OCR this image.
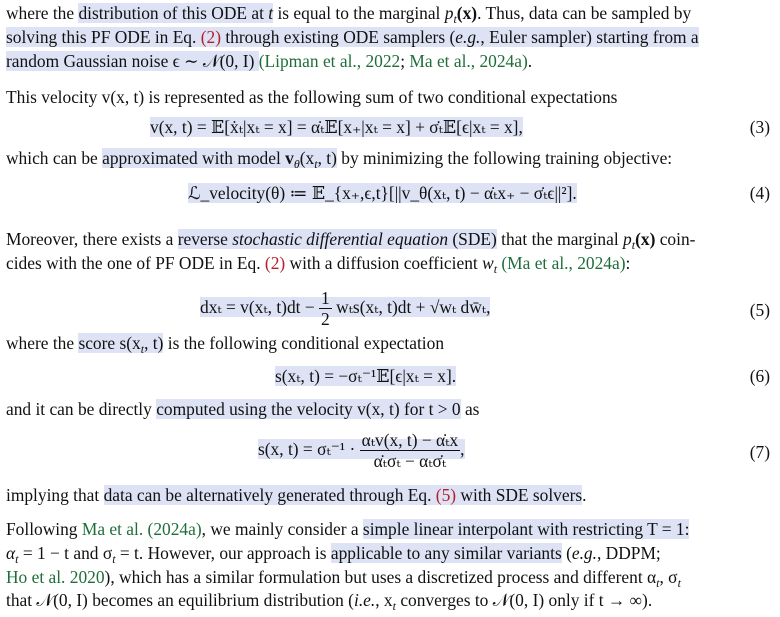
where the distribution of this ODE at t is equal to the marginal $p_t(x)$. Thus, data can be sampled by
solving this PF ODE in Eq. (2) through existing ODE samplers (e.g., Euler sampler) starting from a
random Gaussian noise ϵ ∼ 𝒩(0, I) (Lipman et al., 2022; Ma et al., 2024a).
This velocity v(x, t) is represented as the following sum of two conditional expectations
v(x, t) = 𝔼[ẋₜ|xₜ = x] = α̇ₜ𝔼[x₊|xₜ = x] + σ̇ₜ𝔼[ϵ|xₜ = x],	(3)
which can be approximated with model $v_\theta(x_t$, t) by minimizing the following training objective:
ℒ_velocity(θ) ≔ 𝔼_{x₊,ϵ,t}[||v_θ(xₜ, t) − α̇ₜx₊ − σ̇ₜϵ||²].	(4)
Moreover, there exists a reverse stochastic differential equation (SDE) that the marginal $p_t(x)$ coin-
cides with the one of PF ODE in Eq. (2) with a diffusion coefficient $w_t$ (Ma et al., 2024a):
dxₜ = v(xₜ, $t)dt - \frac{1}{2} w_ts(x_t$, t)dt + √wₜ dw̄ₜ,	(5)
where the score $s(x_t$, t) is the following conditional expectation
s(xₜ, t) = −σₜ⁻¹𝔼[ϵ|xₜ = x].	(6)
and it can be directly computed using the velocity v(x, t) for t > 0 as
s(x, $t) = \sigma_t^{-1} \cdot \frac{\text{αₜv(x, t) − α̇ₜx}}{\text{α̇ₜσₜ − αₜσ̇ₜ}}$ ,	(7)
implying that data can be alternatively generated through Eq. (5) with SDE solvers.
Following Ma et al. (2024a), we mainly consider a simple linear interpolant with restricting T = 1:
$\alpha_t = 1 - t$ and $\sigma_t = t$. However, our approach is applicable to any similar variants (e.g., DDPM;
Ho et al. 2020), which has a similar formulation but uses a discretized process and different $\alpha_t$, $\sigma_t$
that 𝒩(0, I) becomes an equilibrium distribution (i.e., $x_t$ converges to 𝒩(0, I) only if t → ∞).
